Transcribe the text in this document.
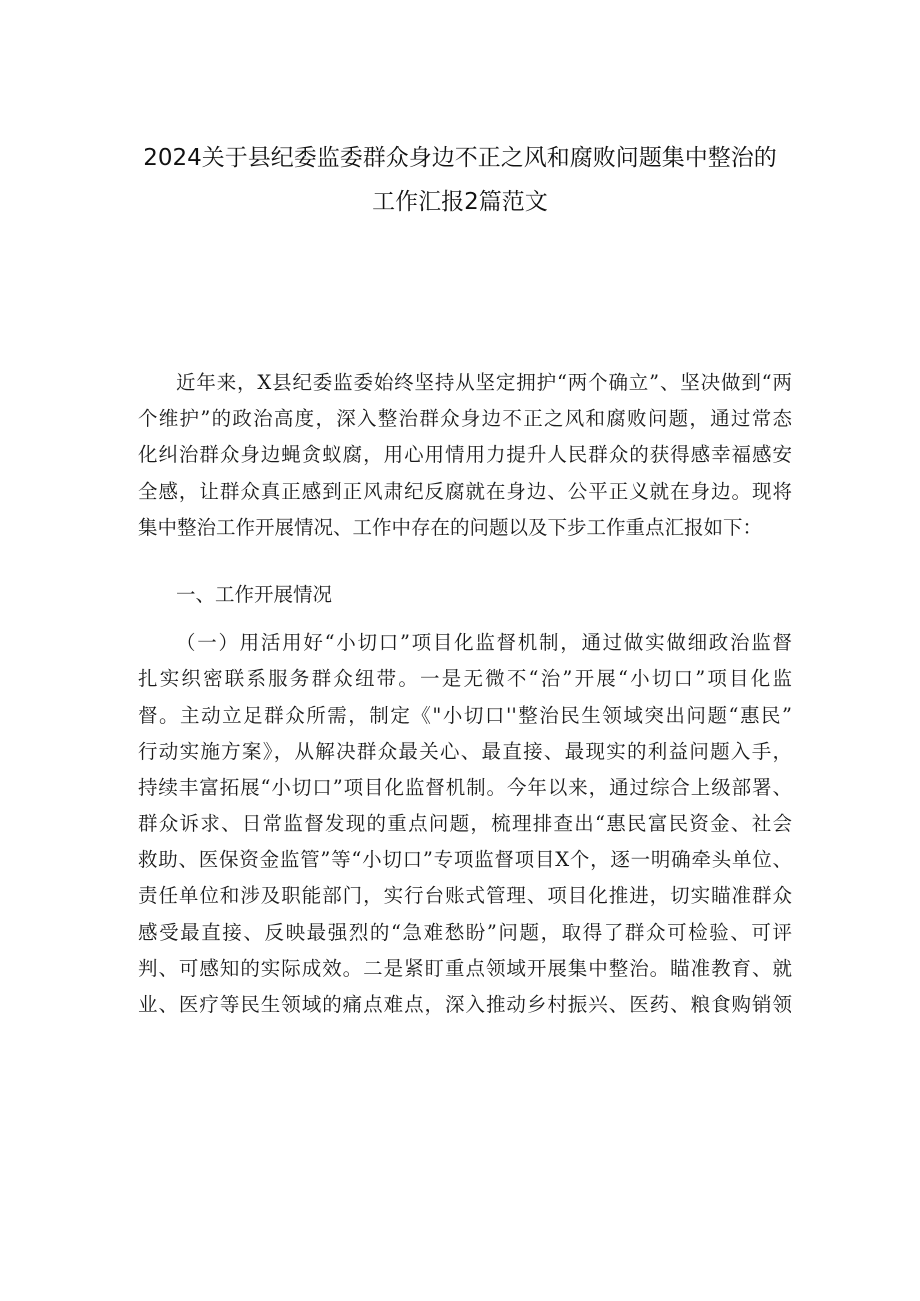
2024关于县纪委监委群众身边不正之风和腐败问题集中整治的
工作汇报2篇范文
近年来，X县纪委监委始终坚持从坚定拥护“两个确立”、坚决做到“两
个维护”的政治高度，深入整治群众身边不正之风和腐败问题，通过常态
化纠治群众身边蝇贪蚁腐，用心用情用力提升人民群众的获得感幸福感安
全感，让群众真正感到正风肃纪反腐就在身边、公平正义就在身边。现将
集中整治工作开展情况、工作中存在的问题以及下步工作重点汇报如下：
一、工作开展情况
（一）用活用好“小切口”项目化监督机制，通过做实做细政治监督
扎实织密联系服务群众纽带。一是无微不“治”开展“小切口”项目化监
督。主动立足群众所需，制定《"小切口''整治民生领域突出问题“惠民”
行动实施方案》，从解决群众最关心、最直接、最现实的利益问题入手，
持续丰富拓展“小切口”项目化监督机制。今年以来，通过综合上级部署、
群众诉求、日常监督发现的重点问题，梳理排查出“惠民富民资金、社会
救助、医保资金监管”等“小切口”专项监督项目X个，逐一明确牵头单位、
责任单位和涉及职能部门，实行台账式管理、项目化推进，切实瞄准群众
感受最直接、反映最强烈的“急难愁盼”问题，取得了群众可检验、可评
判、可感知的实际成效。二是紧盯重点领域开展集中整治。瞄准教育、就
业、医疗等民生领域的痛点难点，深入推动乡村振兴、医药、粮食购销领
